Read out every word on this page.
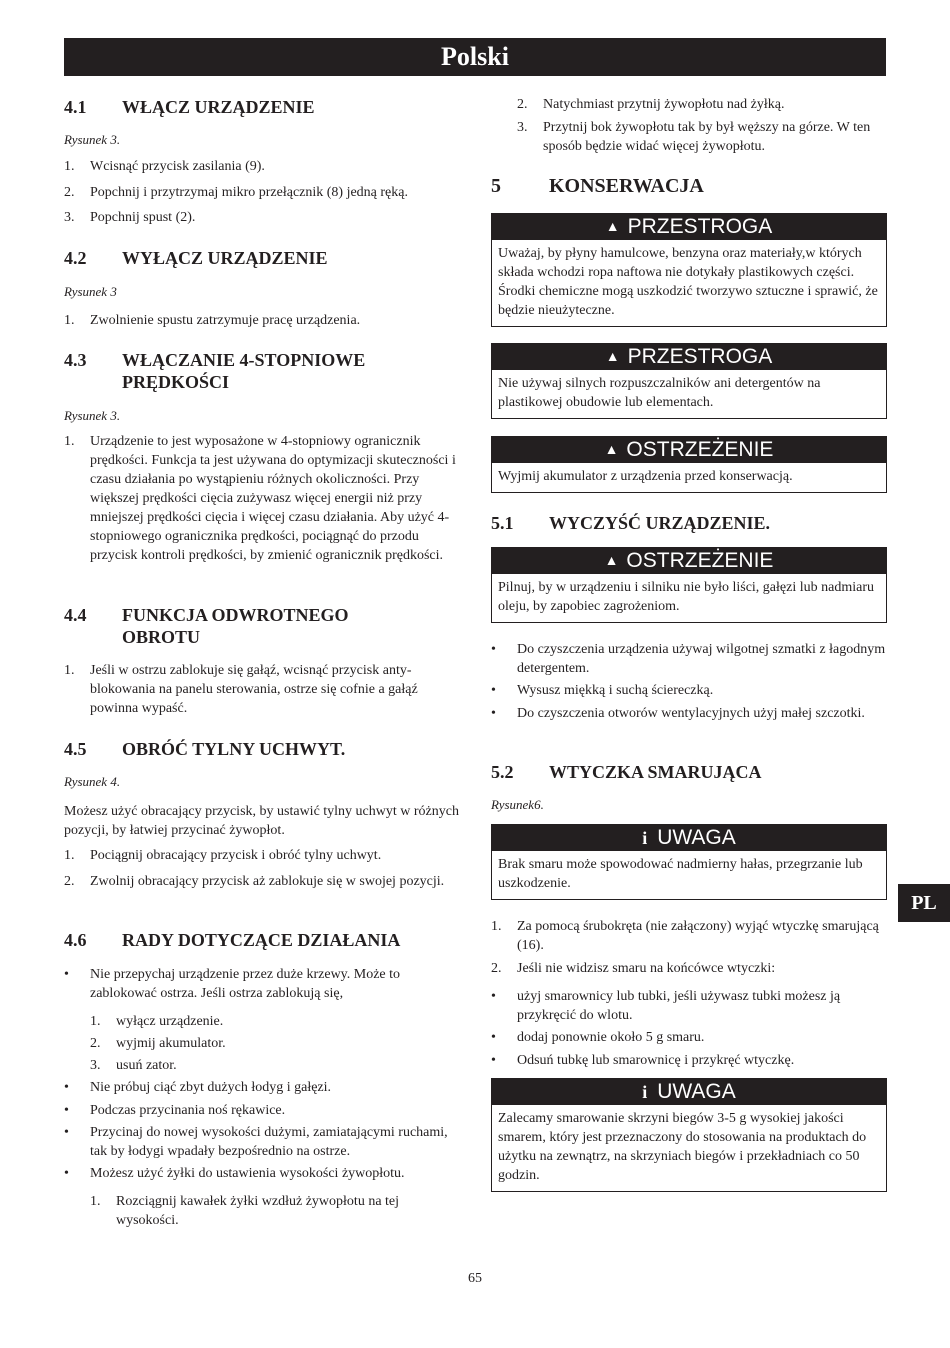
Polski
PL
4.1 WŁĄCZ URZĄDZENIE
Rysunek 3.
1.	Wcisnąć przycisk zasilania (9).
2.	Popchnij i przytrzymaj mikro przełącznik (8) jedną ręką.
3.	Popchnij spust (2).
4.2 WYŁĄCZ URZĄDZENIE
Rysunek 3
1.	Zwolnienie spustu zatrzymuje pracę urządzenia.
4.3 WŁĄCZANIE 4-STOPNIOWE
PRĘDKOŚCI
Rysunek 3.
1.	Urządzenie to jest wyposażone w 4-stopniowy ogranicznik prędkości. Funkcja ta jest używana do optymizacji skuteczności i czasu działania po wystąpieniu różnych okoliczności. Przy większej prędkości cięcia zużywasz więcej energii niż przy mniejszej prędkości cięcia i więcej czasu działania. Aby użyć 4-stopniowego ogranicznika prędkości, pociągnąć do przodu przycisk kontroli prędkości, by zmienić ogranicznik prędkości.
4.4 FUNKCJA ODWROTNEGO
OBROTU
1.	Jeśli w ostrzu zablokuje się gałąź, wcisnąć przycisk anty-blokowania na panelu sterowania, ostrze się cofnie a gałąź powinna wypaść.
4.5 OBRÓĆ TYLNY UCHWYT.
Rysunek 4.
Możesz użyć obracający przycisk, by ustawić tylny uchwyt w różnych pozycji, by łatwiej przycinać żywopłot.
1.	Pociągnij obracający przycisk i obróć tylny uchwyt.
2.	Zwolnij obracający przycisk aż zablokuje się w swojej pozycji.
4.6 RADY DOTYCZĄCE DZIAŁANIA
•	Nie przepychaj urządzenie przez duże krzewy. Może to zablokować ostrza. Jeśli ostrza zablokują się,
1.	wyłącz urządzenie.
2.	wyjmij akumulator.
3.	usuń zator.
•	Nie próbuj ciąć zbyt dużych łodyg i gałęzi.
•	Podczas przycinania noś rękawice.
•	Przycinaj do nowej wysokości dużymi, zamiatającymi ruchami, tak by łodygi wpadały bezpośrednio na ostrze.
•	Możesz użyć żyłki do ustawienia wysokości żywopłotu.
1.	Rozciągnij kawałek żyłki wzdłuż żywopłotu na tej wysokości.
2.	Natychmiast przytnij żywopłotu nad żyłką.
3.	Przytnij bok żywopłotu tak by był węższy na górze. W ten sposób będzie widać więcej żywopłotu.
5 KONSERWACJA
▲ PRZESTROGA
Uważaj, by płyny hamulcowe, benzyna oraz materiały,w których składa wchodzi ropa naftowa nie dotykały plastikowych części. Środki chemiczne mogą uszkodzić tworzywo sztuczne i sprawić, że będzie nieużyteczne.
▲ PRZESTROGA
Nie używaj silnych rozpuszczalników ani detergentów na plastikowej obudowie lub elementach.
▲ OSTRZEŻENIE
Wyjmij akumulator z urządzenia przed konserwacją.
5.1 WYCZYŚĆ URZĄDZENIE.
▲ OSTRZEŻENIE
Pilnuj, by w urządzeniu i silniku nie było liści, gałęzi lub nadmiaru oleju, by zapobiec zagrożeniom.
•	Do czyszczenia urządzenia używaj wilgotnej szmatki z łagodnym detergentem.
•	Wysusz miękką i suchą ściereczką.
•	Do czyszczenia otworów wentylacyjnych użyj małej szczotki.
5.2 WTYCZKA SMARUJĄCA
Rysunek6.
i UWAGA
Brak smaru może spowodować nadmierny hałas, przegrzanie lub uszkodzenie.
1.	Za pomocą śrubokręta (nie załączony) wyjąć wtyczkę smarującą (16).
2.	Jeśli nie widzisz smaru na końcówce wtyczki:
•	użyj smarownicy lub tubki, jeśli używasz tubki możesz ją przykręcić do wlotu.
•	dodaj ponownie około 5 g smaru.
•	Odsuń tubkę lub smarownicę i przykręć wtyczkę.
i UWAGA
Zalecamy smarowanie skrzyni biegów 3-5 g wysokiej jakości smarem, który jest przeznaczony do stosowania na produktach do użytku na zewnątrz, na skrzyniach biegów i przekładniach co 50 godzin.
65
